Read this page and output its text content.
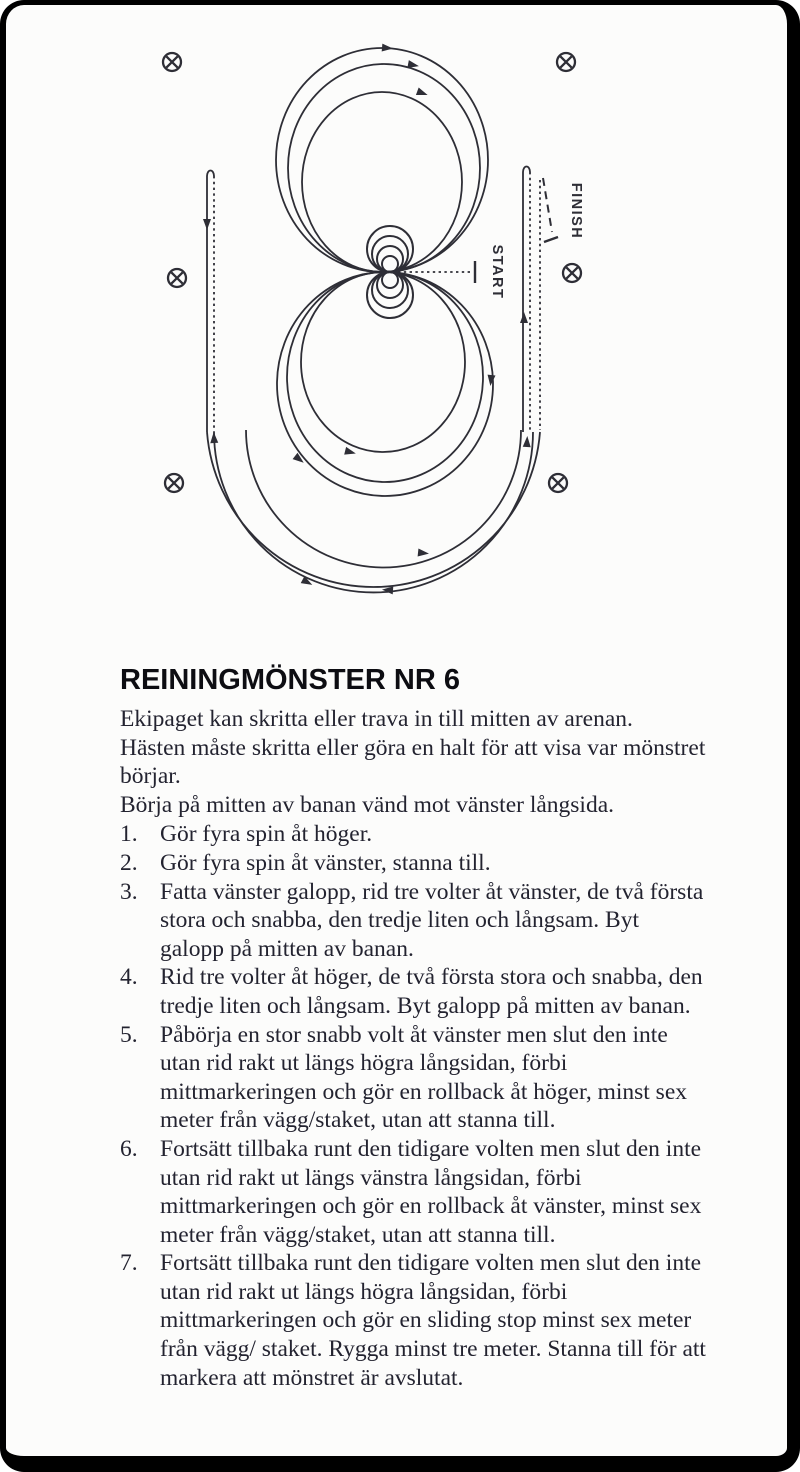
START
FINISH
REININGMÖNSTER NR 6

Ekipaget kan skritta eller trava in till mitten av arenan.

Hästen måste skritta eller göra en halt för att visa var mönstret börjar.

Börja på mitten av banan vänd mot vänster långsida.

1. Gör fyra spin åt höger.
2. Gör fyra spin åt vänster, stanna till.
3. Fatta vänster galopp, rid tre volter åt vänster, de två första stora och snabba, den tredje liten och långsam. Byt galopp på mitten av banan.
4. Rid tre volter åt höger, de två första stora och snabba, den tredje liten och långsam. Byt galopp på mitten av banan.
5. Påbörja en stor snabb volt åt vänster men slut den inte utan rid rakt ut längs högra långsidan, förbi mittmarkeringen och gör en rollback åt höger, minst sex meter från vägg/staket, utan att stanna till.
6. Fortsätt tillbaka runt den tidigare volten men slut den inte utan rid rakt ut längs vänstra långsidan, förbi mittmarkeringen och gör en rollback åt vänster, minst sex meter från vägg/staket, utan att stanna till.
7. Fortsätt tillbaka runt den tidigare volten men slut den inte utan rid rakt ut längs högra långsidan, förbi mittmarkeringen och gör en sliding stop minst sex meter från vägg/ staket. Rygga minst tre meter. Stanna till för att markera att mönstret är avslutat.
